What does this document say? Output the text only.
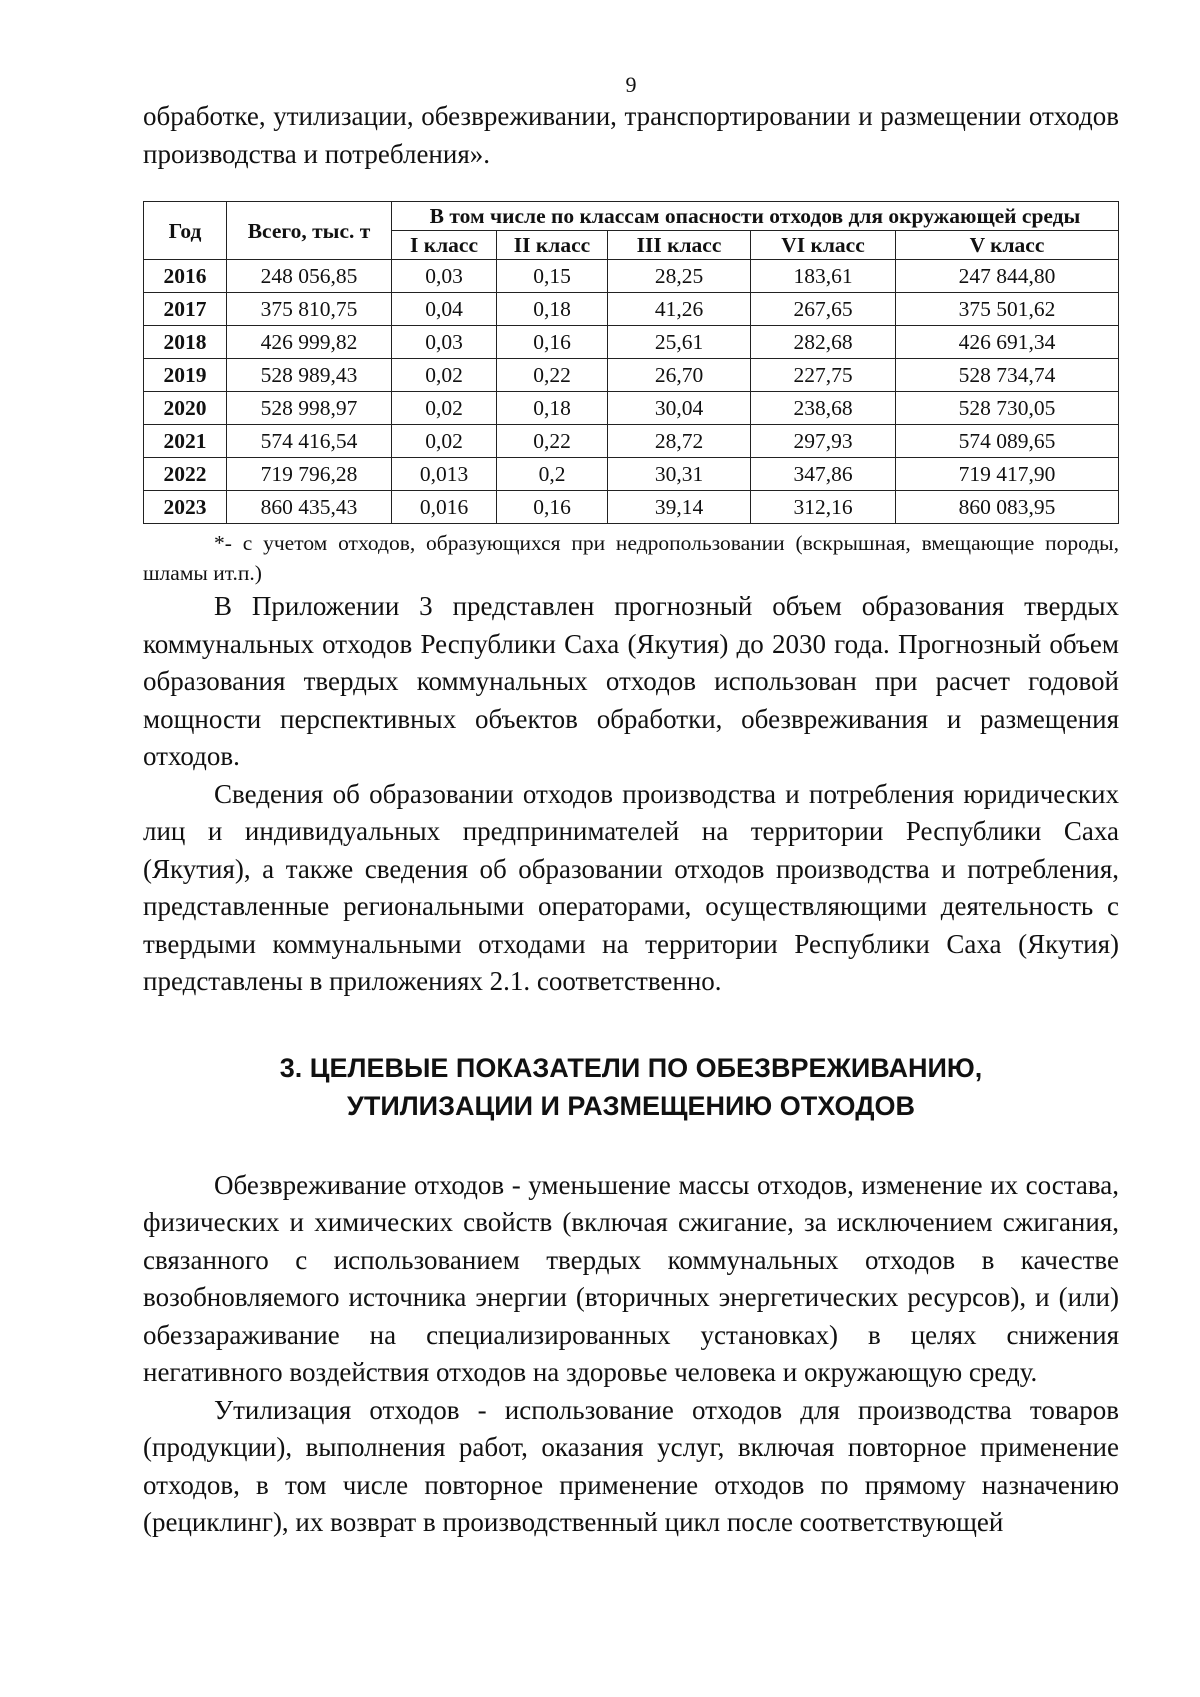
9

обработке, утилизации, обезвреживании, транспортировании и размещении отходов производства и потребления».

Год	Всего, тыс. т	В том числе по классам опасности отходов для окружающей среды				
		I класс	II класс	III класс	VI класс	V класс
2016	248 056,85	0,03	0,15	28,25	183,61	247 844,80
2017	375 810,75	0,04	0,18	41,26	267,65	375 501,62
2018	426 999,82	0,03	0,16	25,61	282,68	426 691,34
2019	528 989,43	0,02	0,22	26,70	227,75	528 734,74
2020	528 998,97	0,02	0,18	30,04	238,68	528 730,05
2021	574 416,54	0,02	0,22	28,72	297,93	574 089,65
2022	719 796,28	0,013	0,2	30,31	347,86	719 417,90
2023	860 435,43	0,016	0,16	39,14	312,16	860 083,95

*- с учетом отходов, образующихся при недропользовании (вскрышная, вмещающие породы, шламы ит.п.)

В Приложении 3 представлен прогнозный объем образования твердых коммунальных отходов Республики Саха (Якутия) до 2030 года. Прогнозный объем образования твердых коммунальных отходов использован при расчет годовой мощности перспективных объектов обработки, обезвреживания и размещения отходов.

Сведения об образовании отходов производства и потребления юридических лиц и индивидуальных предпринимателей на территории Республики Саха (Якутия), а также сведения об образовании отходов производства и потребления, представленные региональными операторами, осуществляющими деятельность с твердыми коммунальными отходами на территории Республики Саха (Якутия) представлены в приложениях 2.1. соответственно.

3. ЦЕЛЕВЫЕ ПОКАЗАТЕЛИ ПО ОБЕЗВРЕЖИВАНИЮ,
УТИЛИЗАЦИИ И РАЗМЕЩЕНИЮ ОТХОДОВ

Обезвреживание отходов - уменьшение массы отходов, изменение их состава, физических и химических свойств (включая сжигание, за исключением сжигания, связанного с использованием твердых коммунальных отходов в качестве возобновляемого источника энергии (вторичных энергетических ресурсов), и (или) обеззараживание на специализированных установках) в целях снижения негативного воздействия отходов на здоровье человека и окружающую среду.

Утилизация отходов - использование отходов для производства товаров (продукции), выполнения работ, оказания услуг, включая повторное применение отходов, в том числе повторное применение отходов по прямому назначению (рециклинг), их возврат в производственный цикл после соответствующей
